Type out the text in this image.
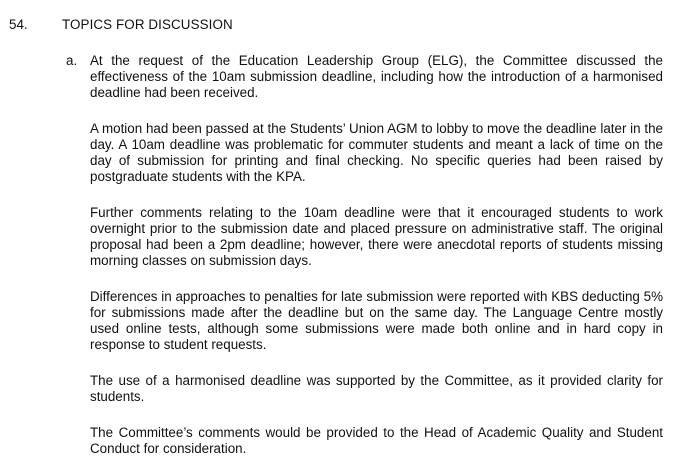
54.	TOPICS FOR DISCUSSION
a. At the request of the Education Leadership Group (ELG), the Committee discussed the effectiveness of the 10am submission deadline, including how the introduction of a harmonised deadline had been received.

A motion had been passed at the Students’ Union AGM to lobby to move the deadline later in the day. A 10am deadline was problematic for commuter students and meant a lack of time on the day of submission for printing and final checking. No specific queries had been raised by postgraduate students with the KPA.

Further comments relating to the 10am deadline were that it encouraged students to work overnight prior to the submission date and placed pressure on administrative staff. The original proposal had been a 2pm deadline; however, there were anecdotal reports of students missing morning classes on submission days.

Differences in approaches to penalties for late submission were reported with KBS deducting 5% for submissions made after the deadline but on the same day. The Language Centre mostly used online tests, although some submissions were made both online and in hard copy in response to student requests.

The use of a harmonised deadline was supported by the Committee, as it provided clarity for students.

The Committee’s comments would be provided to the Head of Academic Quality and Student Conduct for consideration.
